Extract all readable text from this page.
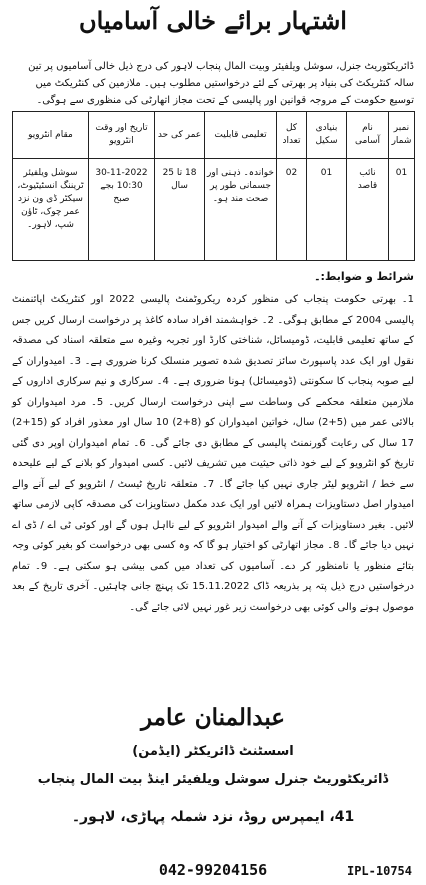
اشتہار برائے خالی آسامیاں
ڈائریکٹوریٹ جنرل، سوشل ویلفیئر وبیت المال پنجاب لاہور کی درج ذیل خالی آسامیوں پر تین سالہ کنٹریکٹ کی بنیاد پر بھرتی کے لئے درخواستیں مطلوب ہیں۔ ملازمین کی کنٹریکٹ میں توسیع حکومت کے مروجہ قوانین اور پالیسی کے تحت مجاز اتھارٹی کی منظوری سے ہوگی۔
نمبر شمار	نام آسامی	بنیادی سکیل	کل تعداد	تعلیمی قابلیت	عمر کی حد	تاریخ اور وقت انٹرویو	مقام انٹرویو
01	نائب قاصد	01	02	خواندہ۔ ذہنی اور جسمانی طور پر صحت مند ہو۔	18 تا 25 سال	30-11-2022 10:30 بجے صبح	سوشل ویلفیئر ٹریننگ انسٹیٹیوٹ، سیکٹر ڈی ون نزد عمر چوک، ٹاؤن شپ، لاہور۔
شرائط و ضوابط:۔
1۔ بھرتی حکومت پنجاب کی منظور کردہ ریکروٹمنٹ پالیسی 2022 اور کنٹریکٹ اپائنمنٹ پالیسی 2004 کے مطابق ہوگی۔ 2۔ خواہشمند افراد سادہ کاغذ پر درخواست ارسال کریں جس کے ساتھ تعلیمی قابلیت، ڈومیسائل، شناختی کارڈ اور تجربہ وغیرہ سے متعلقہ اسناد کی مصدقہ نقول اور ایک عدد پاسپورٹ سائز تصدیق شدہ تصویر منسلک کرنا ضروری ہے۔ 3۔ امیدواران کے لیے صوبہ پنجاب کا سکونتی (ڈومیسائل) ہونا ضروری ہے۔ 4۔ سرکاری و نیم سرکاری اداروں کے ملازمین متعلقہ محکمے کی وساطت سے اپنی درخواست ارسال کریں۔ 5۔ مرد امیدواران کو بالائی عمر میں (5+2) سال، خواتین امیدواران کو (8+2) 10 سال اور معذور افراد کو (15+2) 17 سال کی رعایت گورنمنٹ پالیسی کے مطابق دی جائے گی۔ 6۔ تمام امیدواران اوپر دی گئی تاریخ کو انٹرویو کے لیے خود ذاتی حیثیت میں تشریف لائیں۔ کسی امیدوار کو بلانے کے لیے علیحدہ سے خط / انٹرویو لیٹر جاری نہیں کیا جائے گا۔ 7۔ متعلقہ تاریخ ٹیسٹ / انٹرویو کے لیے آنے والے امیدوار اصل دستاویزات ہمراہ لائیں اور ایک عدد مکمل دستاویزات کی مصدقہ کاپی لازمی ساتھ لائیں۔ بغیر دستاویزات کے آنے والے امیدوار انٹرویو کے لیے نااہل ہوں گے اور کوئی ٹی اے / ڈی اے نہیں دیا جائے گا۔ 8۔ مجاز اتھارٹی کو اختیار ہو گا کہ وہ کسی بھی درخواست کو بغیر کوئی وجہ بتائے منظور یا نامنظور کر دے۔ آسامیوں کی تعداد میں کمی بیشی ہو سکتی ہے۔ 9۔ تمام درخواستیں درج ذیل پتہ پر بذریعہ ڈاک 15.11.2022 تک پہنچ جانی چاہئیں۔ آخری تاریخ کے بعد موصول ہونے والی کوئی بھی درخواست زیر غور نہیں لائی جائے گی۔
عبدالمنان عامر
اسسٹنٹ ڈائریکٹر (ایڈمن)
ڈائریکٹوریٹ جنرل سوشل ویلفیئر اینڈ بیت المال پنجاب
41، ایمپرس روڈ، نزد شملہ پہاڑی، لاہور۔
042-99204156	IPL-10754
